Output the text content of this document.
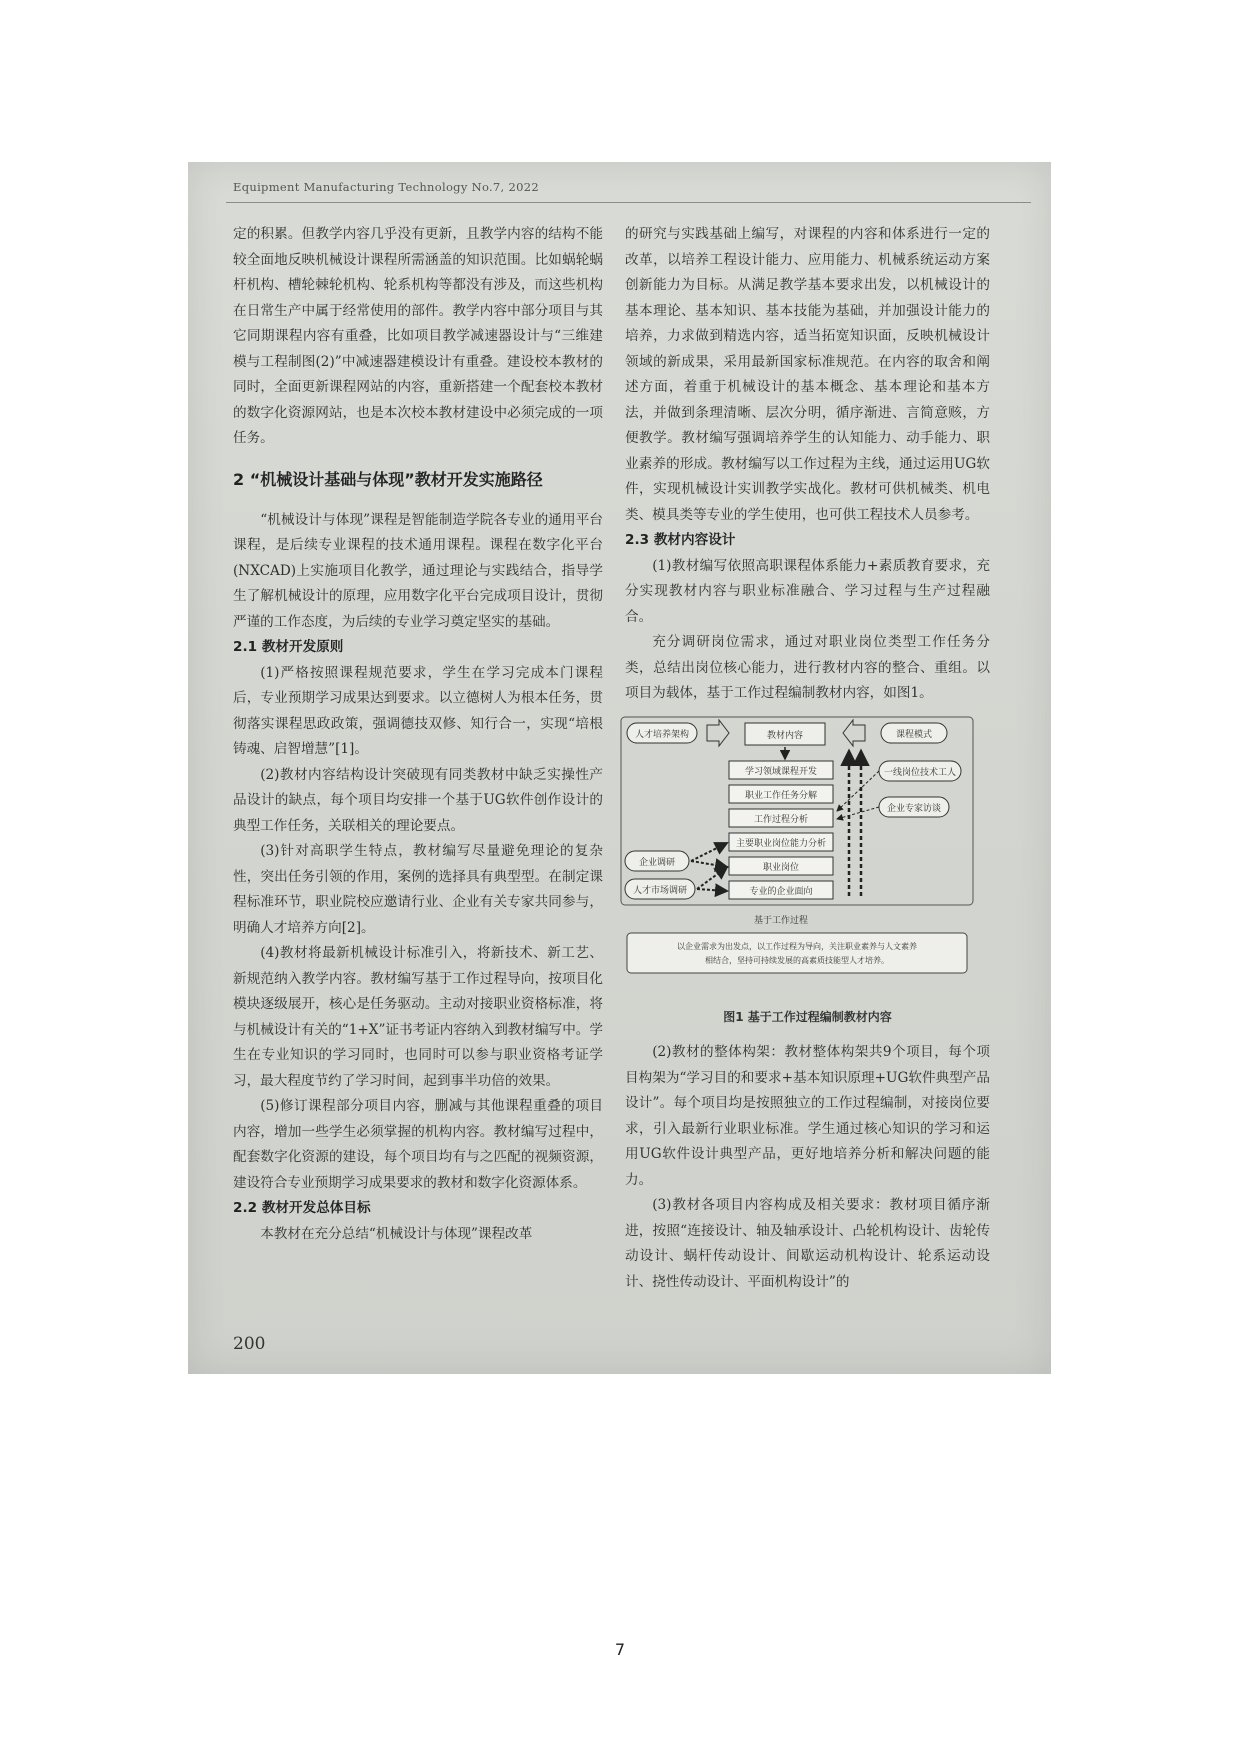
Equipment Manufacturing Technology No.7, 2022

定的积累。但教学内容几乎没有更新，且教学内容的结构不能较全面地反映机械设计课程所需涵盖的知识范围。比如蜗轮蜗杆机构、槽轮棘轮机构、轮系机构等都没有涉及，而这些机构在日常生产中属于经常使用的部件。教学内容中部分项目与其它同期课程内容有重叠，比如项目教学减速器设计与“三维建模与工程制图(2)”中减速器建模设计有重叠。建设校本教材的同时，全面更新课程网站的内容，重新搭建一个配套校本教材的数字化资源网站，也是本次校本教材建设中必须完成的一项任务。

2 “机械设计基础与体现”教材开发实施路径

“机械设计与体现”课程是智能制造学院各专业的通用平台课程，是后续专业课程的技术通用课程。课程在数字化平台(NXCAD)上实施项目化教学，通过理论与实践结合，指导学生了解机械设计的原理，应用数字化平台完成项目设计，贯彻严谨的工作态度，为后续的专业学习奠定坚实的基础。

2.1 教材开发原则

(1)严格按照课程规范要求，学生在学习完成本门课程后，专业预期学习成果达到要求。以立德树人为根本任务，贯彻落实课程思政政策，强调德技双修、知行合一，实现“培根铸魂、启智增慧”[1]。

(2)教材内容结构设计突破现有同类教材中缺乏实操性产品设计的缺点，每个项目均安排一个基于UG软件创作设计的典型工作任务，关联相关的理论要点。

(3)针对高职学生特点，教材编写尽量避免理论的复杂性，突出任务引领的作用，案例的选择具有典型型。在制定课程标准环节，职业院校应邀请行业、企业有关专家共同参与，明确人才培养方向[2]。

(4)教材将最新机械设计标准引入，将新技术、新工艺、新规范纳入教学内容。教材编写基于工作过程导向，按项目化模块逐级展开，核心是任务驱动。主动对接职业资格标准，将与机械设计有关的“1+X”证书考证内容纳入到教材编写中。学生在专业知识的学习同时，也同时可以参与职业资格考证学习，最大程度节约了学习时间，起到事半功倍的效果。

(5)修订课程部分项目内容，删减与其他课程重叠的项目内容，增加一些学生必须掌握的机构内容。教材编写过程中，配套数字化资源的建设，每个项目均有与之匹配的视频资源，建设符合专业预期学习成果要求的教材和数字化资源体系。

2.2 教材开发总体目标

本教材在充分总结“机械设计与体现”课程改革

的研究与实践基础上编写，对课程的内容和体系进行一定的改革，以培养工程设计能力、应用能力、机械系统运动方案创新能力为目标。从满足教学基本要求出发，以机械设计的基本理论、基本知识、基本技能为基础，并加强设计能力的培养，力求做到精选内容，适当拓宽知识面，反映机械设计领域的新成果，采用最新国家标准规范。在内容的取舍和阐述方面，着重于机械设计的基本概念、基本理论和基本方法，并做到条理清晰、层次分明，循序渐进、言简意赅，方便教学。教材编写强调培养学生的认知能力、动手能力、职业素养的形成。教材编写以工作过程为主线，通过运用UG软件，实现机械设计实训教学实战化。教材可供机械类、机电类、模具类等专业的学生使用，也可供工程技术人员参考。

2.3 教材内容设计

(1)教材编写依照高职课程体系能力+素质教育要求，充分实现教材内容与职业标准融合、学习过程与生产过程融合。

充分调研岗位需求，通过对职业岗位类型工作任务分类，总结出岗位核心能力，进行教材内容的整合、重组。以项目为载体，基于工作过程编制教材内容，如图1。

人才培养架构	教材内容	课程模式
学习领域课程开发
职业工作任务分解
工作过程分析
主要职业岗位能力分析
职业岗位
专业的企业面向
一线岗位技术工人
企业专家访谈
企业调研
人才市场调研
基于工作过程
以企业需求为出发点，以工作过程为导向，关注职业素养与人文素养
相结合，坚持可持续发展的高素质技能型人才培养。
图1 基于工作过程编制教材内容

(2)教材的整体构架：教材整体构架共9个项目，每个项目构架为“学习目的和要求+基本知识原理+UG软件典型产品设计”。每个项目均是按照独立的工作过程编制，对接岗位要求，引入最新行业职业标准。学生通过核心知识的学习和运用UG软件设计典型产品，更好地培养分析和解决问题的能力。

(3)教材各项目内容构成及相关要求：教材项目循序渐进，按照“连接设计、轴及轴承设计、凸轮机构设计、齿轮传动设计、蜗杆传动设计、间歇运动机构设计、轮系运动设计、挠性传动设计、平面机构设计”的

200
7
